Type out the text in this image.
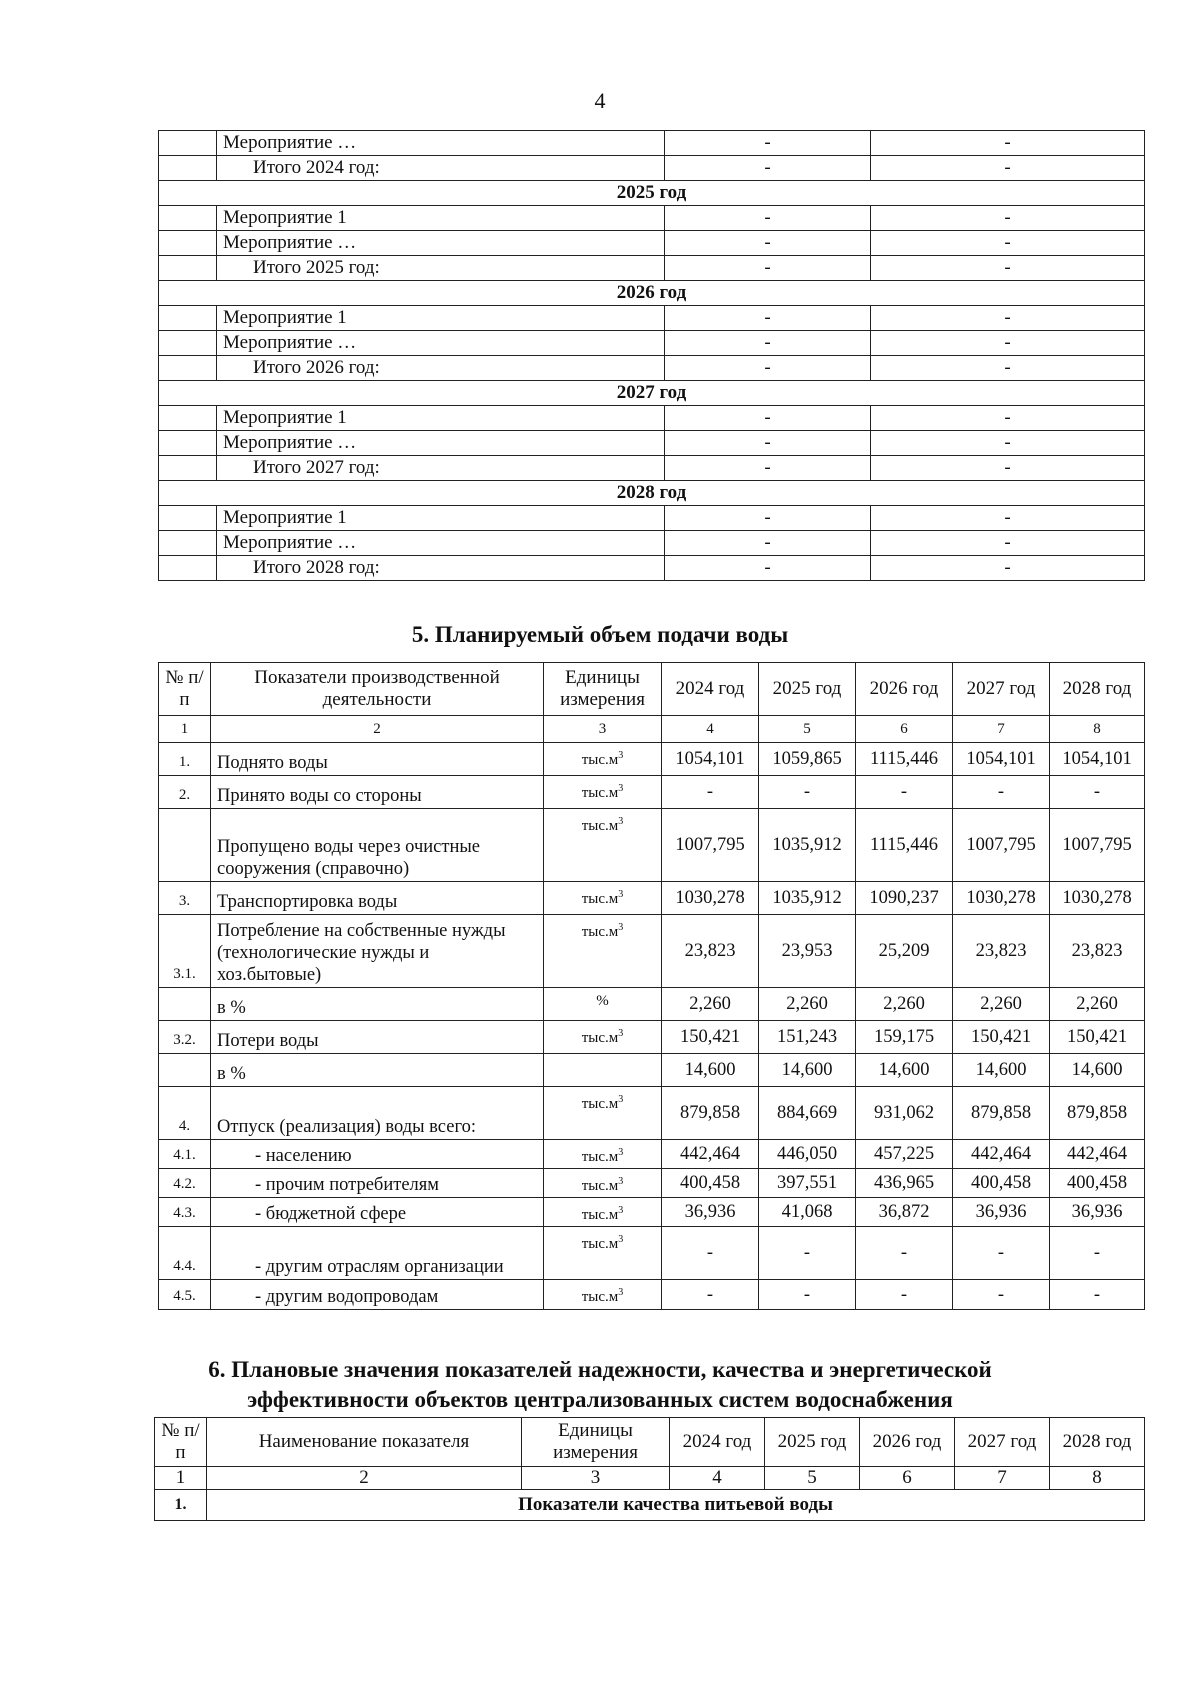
4
	Мероприятие …	-	-
	Итого 2024 год:	-	-
2025 год			
	Мероприятие 1	-	-
	Мероприятие …	-	-
	Итого 2025 год:	-	-
2026 год			
	Мероприятие 1	-	-
	Мероприятие …	-	-
	Итого 2026 год:	-	-
2027 год			
	Мероприятие 1	-	-
	Мероприятие …	-	-
	Итого 2027 год:	-	-
2028 год			
	Мероприятие 1	-	-
	Мероприятие …	-	-
	Итого 2028 год:	-	-
5. Планируемый объем подачи воды
№ п/п	Показатели производственной деятельности	Единицы измерения	2024 год	2025 год	2026 год	2027 год	2028 год
1	2	3	4	5	6	7	8
1.	Поднято воды	$тыс.м^3$	1054,101	1059,865	1115,446	1054,101	1054,101
2.	Принято воды со стороны	$тыс.м^3$	-	-	-	-	-
	Пропущено воды через очистные сооружения (справочно)	$тыс.м^3$	1007,795	1035,912	1115,446	1007,795	1007,795
3.	Транспортировка воды	$тыс.м^3$	1030,278	1035,912	1090,237	1030,278	1030,278
3.1.	Потребление на собственные нужды (технологические нужды и хоз.бытовые)	$тыс.м^3$	23,823	23,953	25,209	23,823	23,823
	в %	%	2,260	2,260	2,260	2,260	2,260
3.2.	Потери воды	$тыс.м^3$	150,421	151,243	159,175	150,421	150,421
	в %		14,600	14,600	14,600	14,600	14,600
4.	Отпуск (реализация) воды всего:	$тыс.м^3$	879,858	884,669	931,062	879,858	879,858
4.1.	- населению	$тыс.м^3$	442,464	446,050	457,225	442,464	442,464
4.2.	- прочим потребителям	$тыс.м^3$	400,458	397,551	436,965	400,458	400,458
4.3.	- бюджетной сфере	$тыс.м^3$	36,936	41,068	36,872	36,936	36,936
4.4.	- другим отраслям организации	$тыс.м^3$	-	-	-	-	-
4.5.	- другим водопроводам	$тыс.м^3$	-	-	-	-	-
6. Плановые значения показателей надежности, качества и энергетической
эффективности объектов централизованных систем водоснабжения
№ п/п	Наименование показателя	Единицы измерения	2024 год	2025 год	2026 год	2027 год	2028 год
1	2	3	4	5	6	7	8
1.	Показатели качества питьевой воды						
